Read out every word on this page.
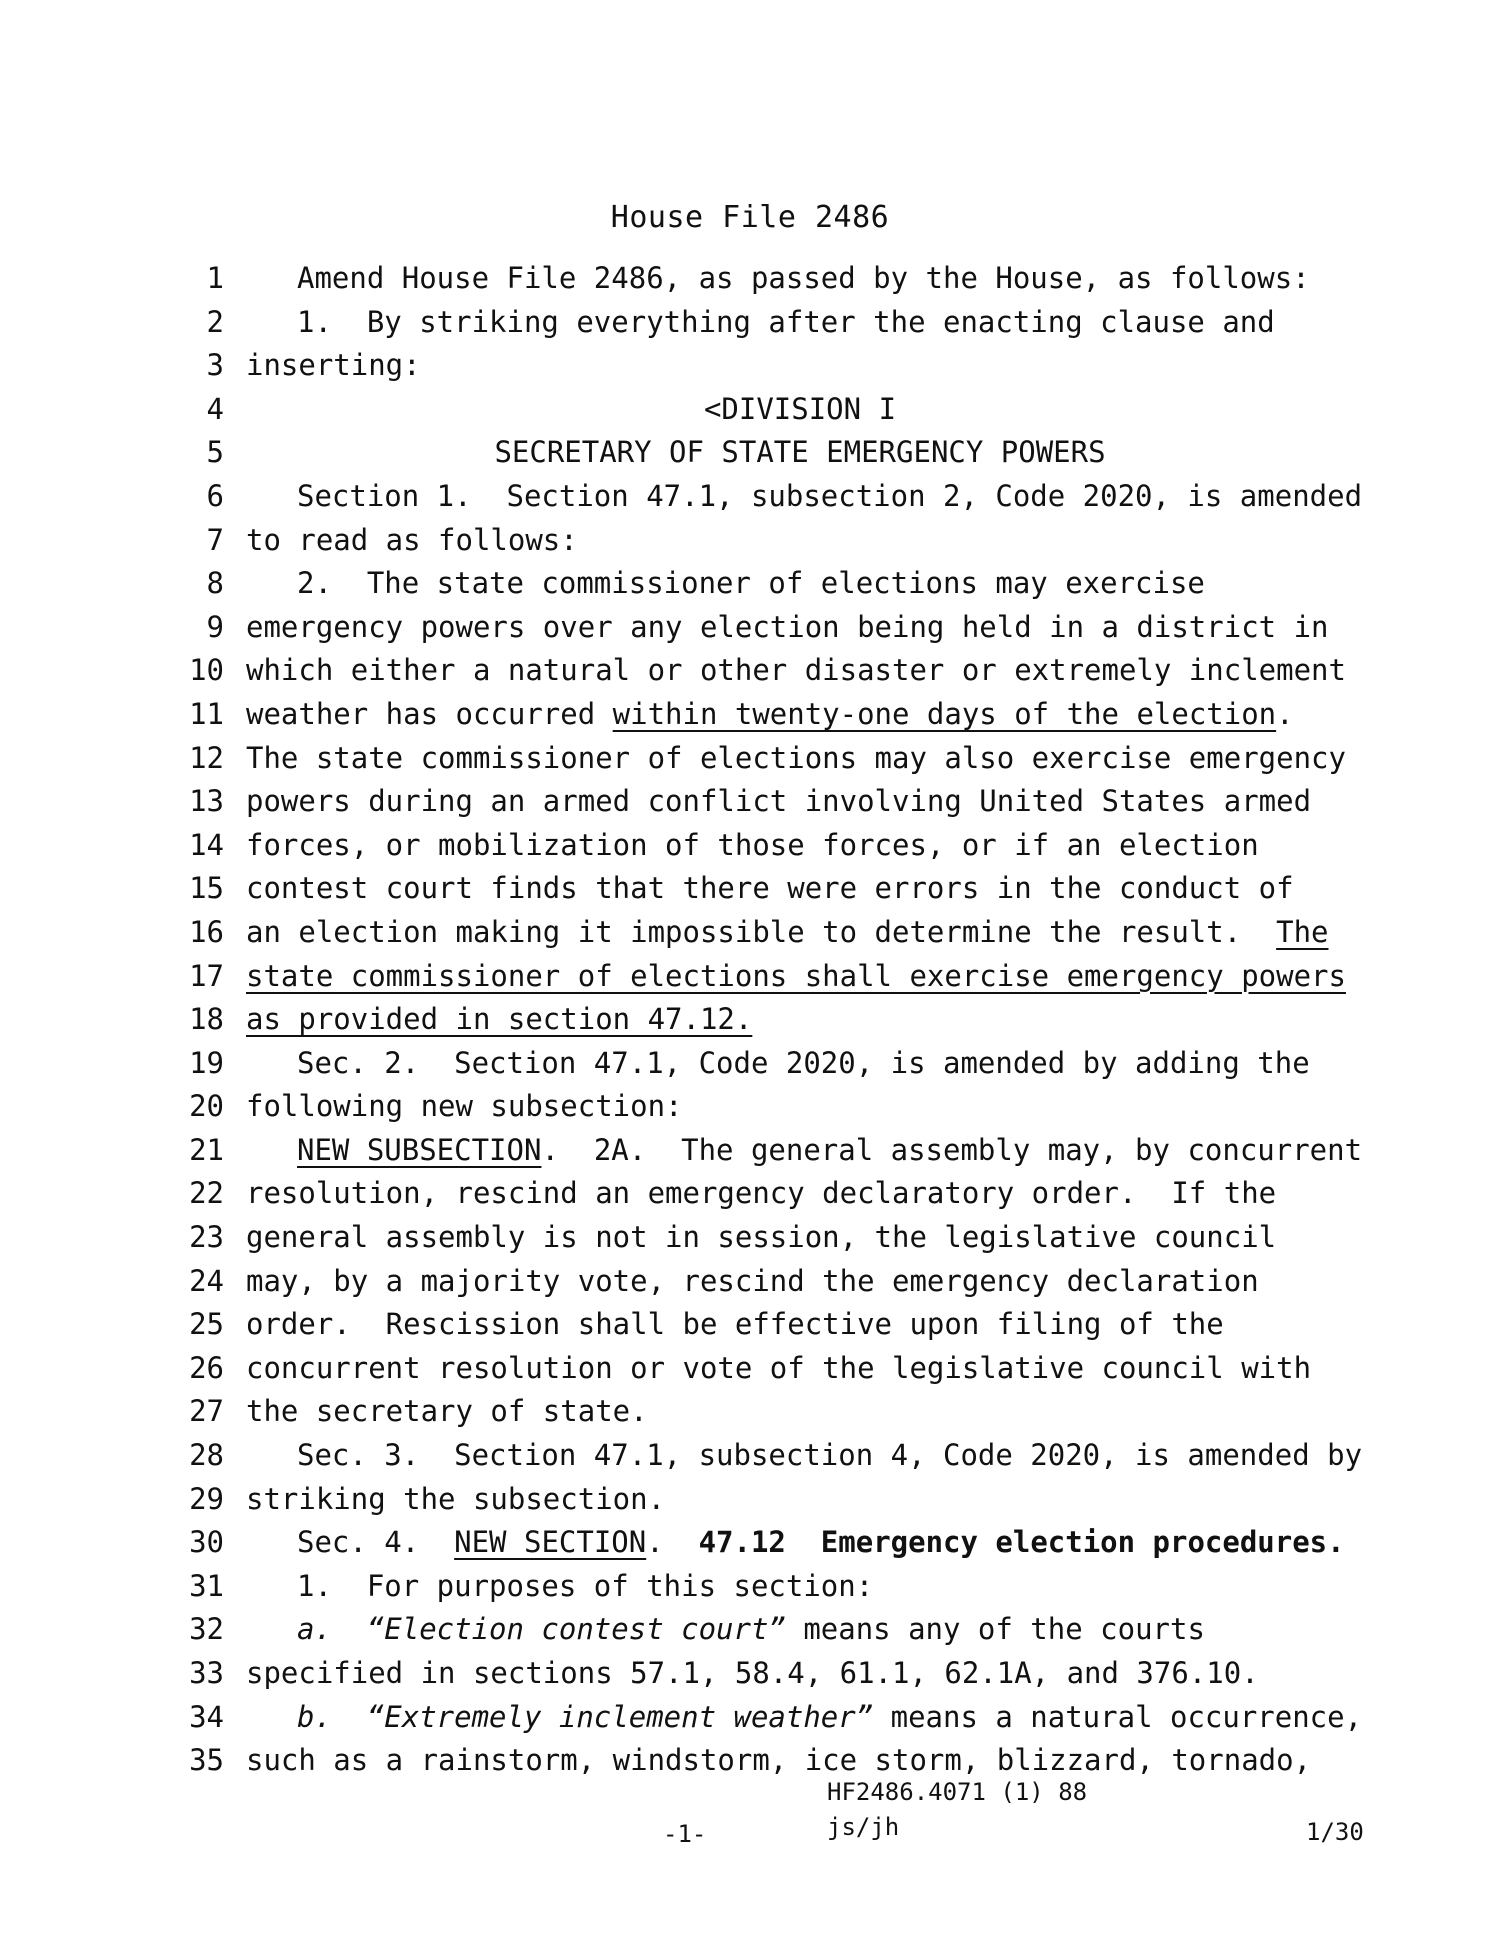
House File 2486
1	Amend House File 2486, as passed by the House, as follows:
2	1.  By striking everything after the enacting clause and
3 inserting:
4	<DIVISION I
5	SECRETARY OF STATE EMERGENCY POWERS
6	Section 1.  Section 47.1, subsection 2, Code 2020, is amended
7 to read as follows:
8	2.  The state commissioner of elections may exercise
9 emergency powers over any election being held in a district in
10 which either a natural or other disaster or extremely inclement
11 weather has occurred within twenty-one days of the election.
12 The state commissioner of elections may also exercise emergency
13 powers during an armed conflict involving United States armed
14 forces, or mobilization of those forces, or if an election
15 contest court finds that there were errors in the conduct of
16 an election making it impossible to determine the result.  The
17 state commissioner of elections shall exercise emergency powers
18 as provided in section 47.12.
19	Sec. 2.  Section 47.1, Code 2020, is amended by adding the
20 following new subsection:
21	NEW SUBSECTION.  2A.  The general assembly may, by concurrent
22 resolution, rescind an emergency declaratory order.  If the
23 general assembly is not in session, the legislative council
24 may, by a majority vote, rescind the emergency declaration
25 order.  Rescission shall be effective upon filing of the
26 concurrent resolution or vote of the legislative council with
27 the secretary of state.
28	Sec. 3.  Section 47.1, subsection 4, Code 2020, is amended by
29 striking the subsection.
30	Sec. 4.  NEW SECTION.  47.12  Emergency election procedures.
31	1.  For purposes of this section:
32	a.  “Election contest court” means any of the courts
33 specified in sections 57.1, 58.4, 61.1, 62.1A, and 376.10.
34	b.  “Extremely inclement weather” means a natural occurrence,
35 such as a rainstorm, windstorm, ice storm, blizzard, tornado,
HF2486.4071 (1) 88
-1-	js/jh	1/30
